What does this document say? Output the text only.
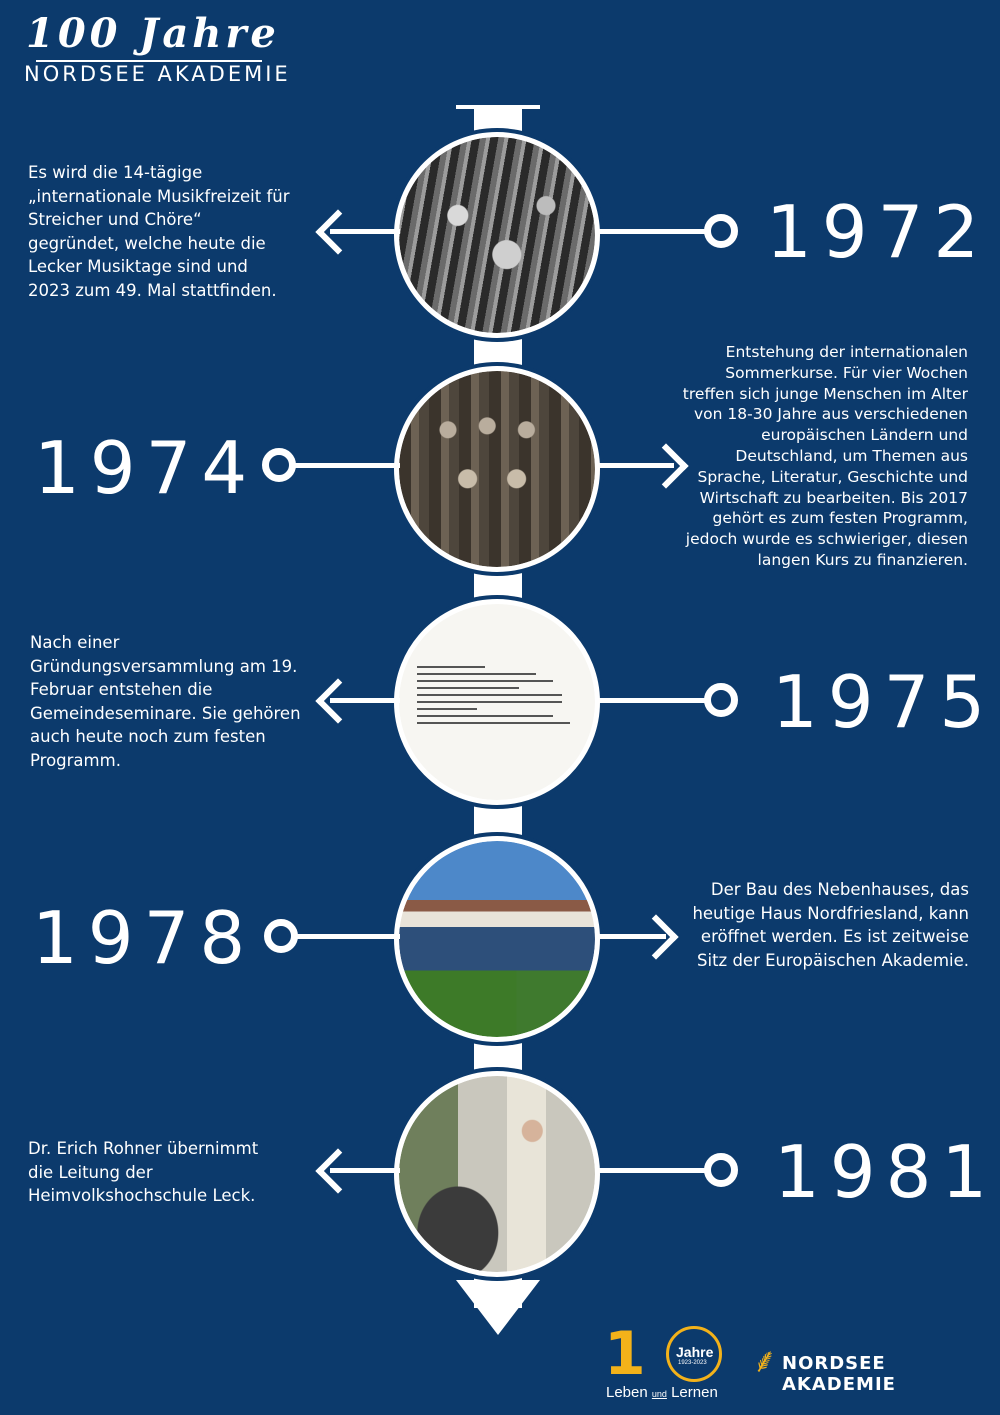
100 Jahre
NORDSEE AKADEMIE
1972
Es wird die 14-tägige „internationale Musikfreizeit für Streicher und Chöre“ gegründet, welche heute die Lecker Musiktage sind und 2023 zum 49. Mal stattfinden.
1974
Entstehung der internationalen Sommerkurse. Für vier Wochen treffen sich junge Menschen im Alter von 18-30 Jahre aus verschiedenen europäischen Ländern und Deutschland, um Themen aus Sprache, Literatur, Geschichte und Wirtschaft zu bearbeiten. Bis 2017 gehört es zum festen Programm, jedoch wurde es schwieriger, diesen langen Kurs zu finanzieren.
1975
Nach einer Gründungsversammlung am 19. Februar entstehen die Gemeindeseminare. Sie gehören auch heute noch zum festen Programm.
1978
Der Bau des Nebenhauses, das heutige Haus Nordfriesland, kann eröffnet werden. Es ist zeitweise Sitz der Europäischen Akademie.
1981
Dr. Erich Rohner übernimmt die Leitung der Heimvolkshochschule Leck.
1 Jahre
1923-2023
Leben und Lernen
⸙ NORDSEE AKADEMIE
